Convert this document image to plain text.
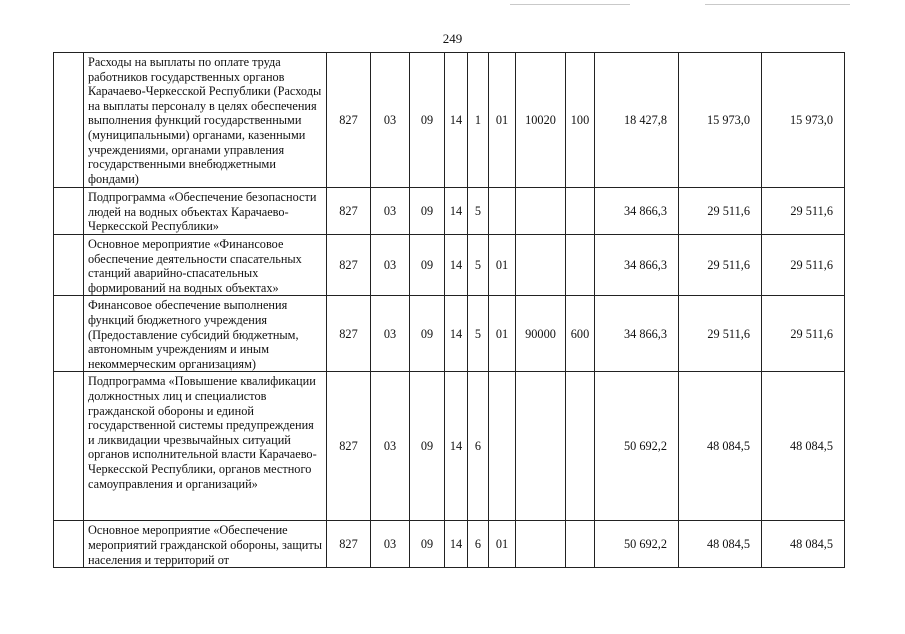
249
	Расходы на выплаты по оплате труда работников государственных органов Карачаево-Черкесской Республики (Расходы на выплаты персоналу в целях обеспечения выполнения функций государственными (муниципальными) органами, казенными учреждениями, органами управления государственными внебюджетными фондами)	827	03	09	14	1	01	10020	100	18 427,8	15 973,0	15 973,0
	Подпрограмма «Обеспечение безопасности людей на водных объектах Карачаево-Черкесской Республики»	827	03	09	14	5				34 866,3	29 511,6	29 511,6
	Основное мероприятие «Финансовое обеспечение деятельности спасательных станций аварийно-спасательных формирований на водных объектах»	827	03	09	14	5	01			34 866,3	29 511,6	29 511,6
	Финансовое обеспечение выполнения функций бюджетного учреждения (Предоставление субсидий бюджетным, автономным учреждениям и иным некоммерческим организациям)	827	03	09	14	5	01	90000	600	34 866,3	29 511,6	29 511,6
	Подпрограмма «Повышение квалификации должностных лиц и специалистов гражданской обороны и единой государственной системы предупреждения и ликвидации чрезвычайных ситуаций органов исполнительной власти Карачаево-Черкесской Республики, органов местного самоуправления и организаций»	827	03	09	14	6				50 692,2	48 084,5	48 084,5
	Основное мероприятие «Обеспечение мероприятий гражданской обороны, защиты населения и территорий от	827	03	09	14	6	01			50 692,2	48 084,5	48 084,5
